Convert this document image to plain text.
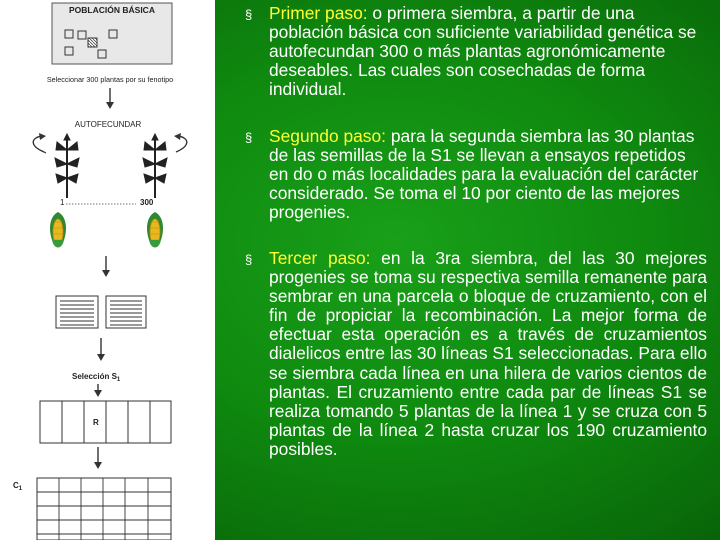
POBLACIÓN BÁSICA
Seleccionar 300 plantas por su fenotipo
AUTOFECUNDAR
1	300
Selección $S_1$
R
$C_1$
§ Primer paso: o primera siembra, a partir de una población básica con suficiente variabilidad genética se autofecundan 300 o más plantas agronómicamente deseables. Las cuales son cosechadas de forma individual.
§ Segundo paso: para la segunda siembra las 30 plantas de las semillas de la S1 se llevan a ensayos repetidos en do o más localidades para la evaluación del carácter considerado. Se toma el 10 por ciento de las mejores progenies.
§ Tercer paso: en la 3ra siembra, del las 30 mejores progenies se toma su respectiva semilla remanente para sembrar en una parcela o bloque de cruzamiento, con el fin de propiciar la recombinación. La mejor forma de efectuar esta operación es a través de cruzamientos dialelicos entre las 30 líneas S1 seleccionadas. Para ello se siembra cada línea en una hilera de varios cientos de plantas. El cruzamiento entre cada par de líneas S1 se realiza tomando 5 plantas de la línea 1 y se cruza con 5 plantas de la línea 2 hasta cruzar los 190 cruzamiento posibles.
